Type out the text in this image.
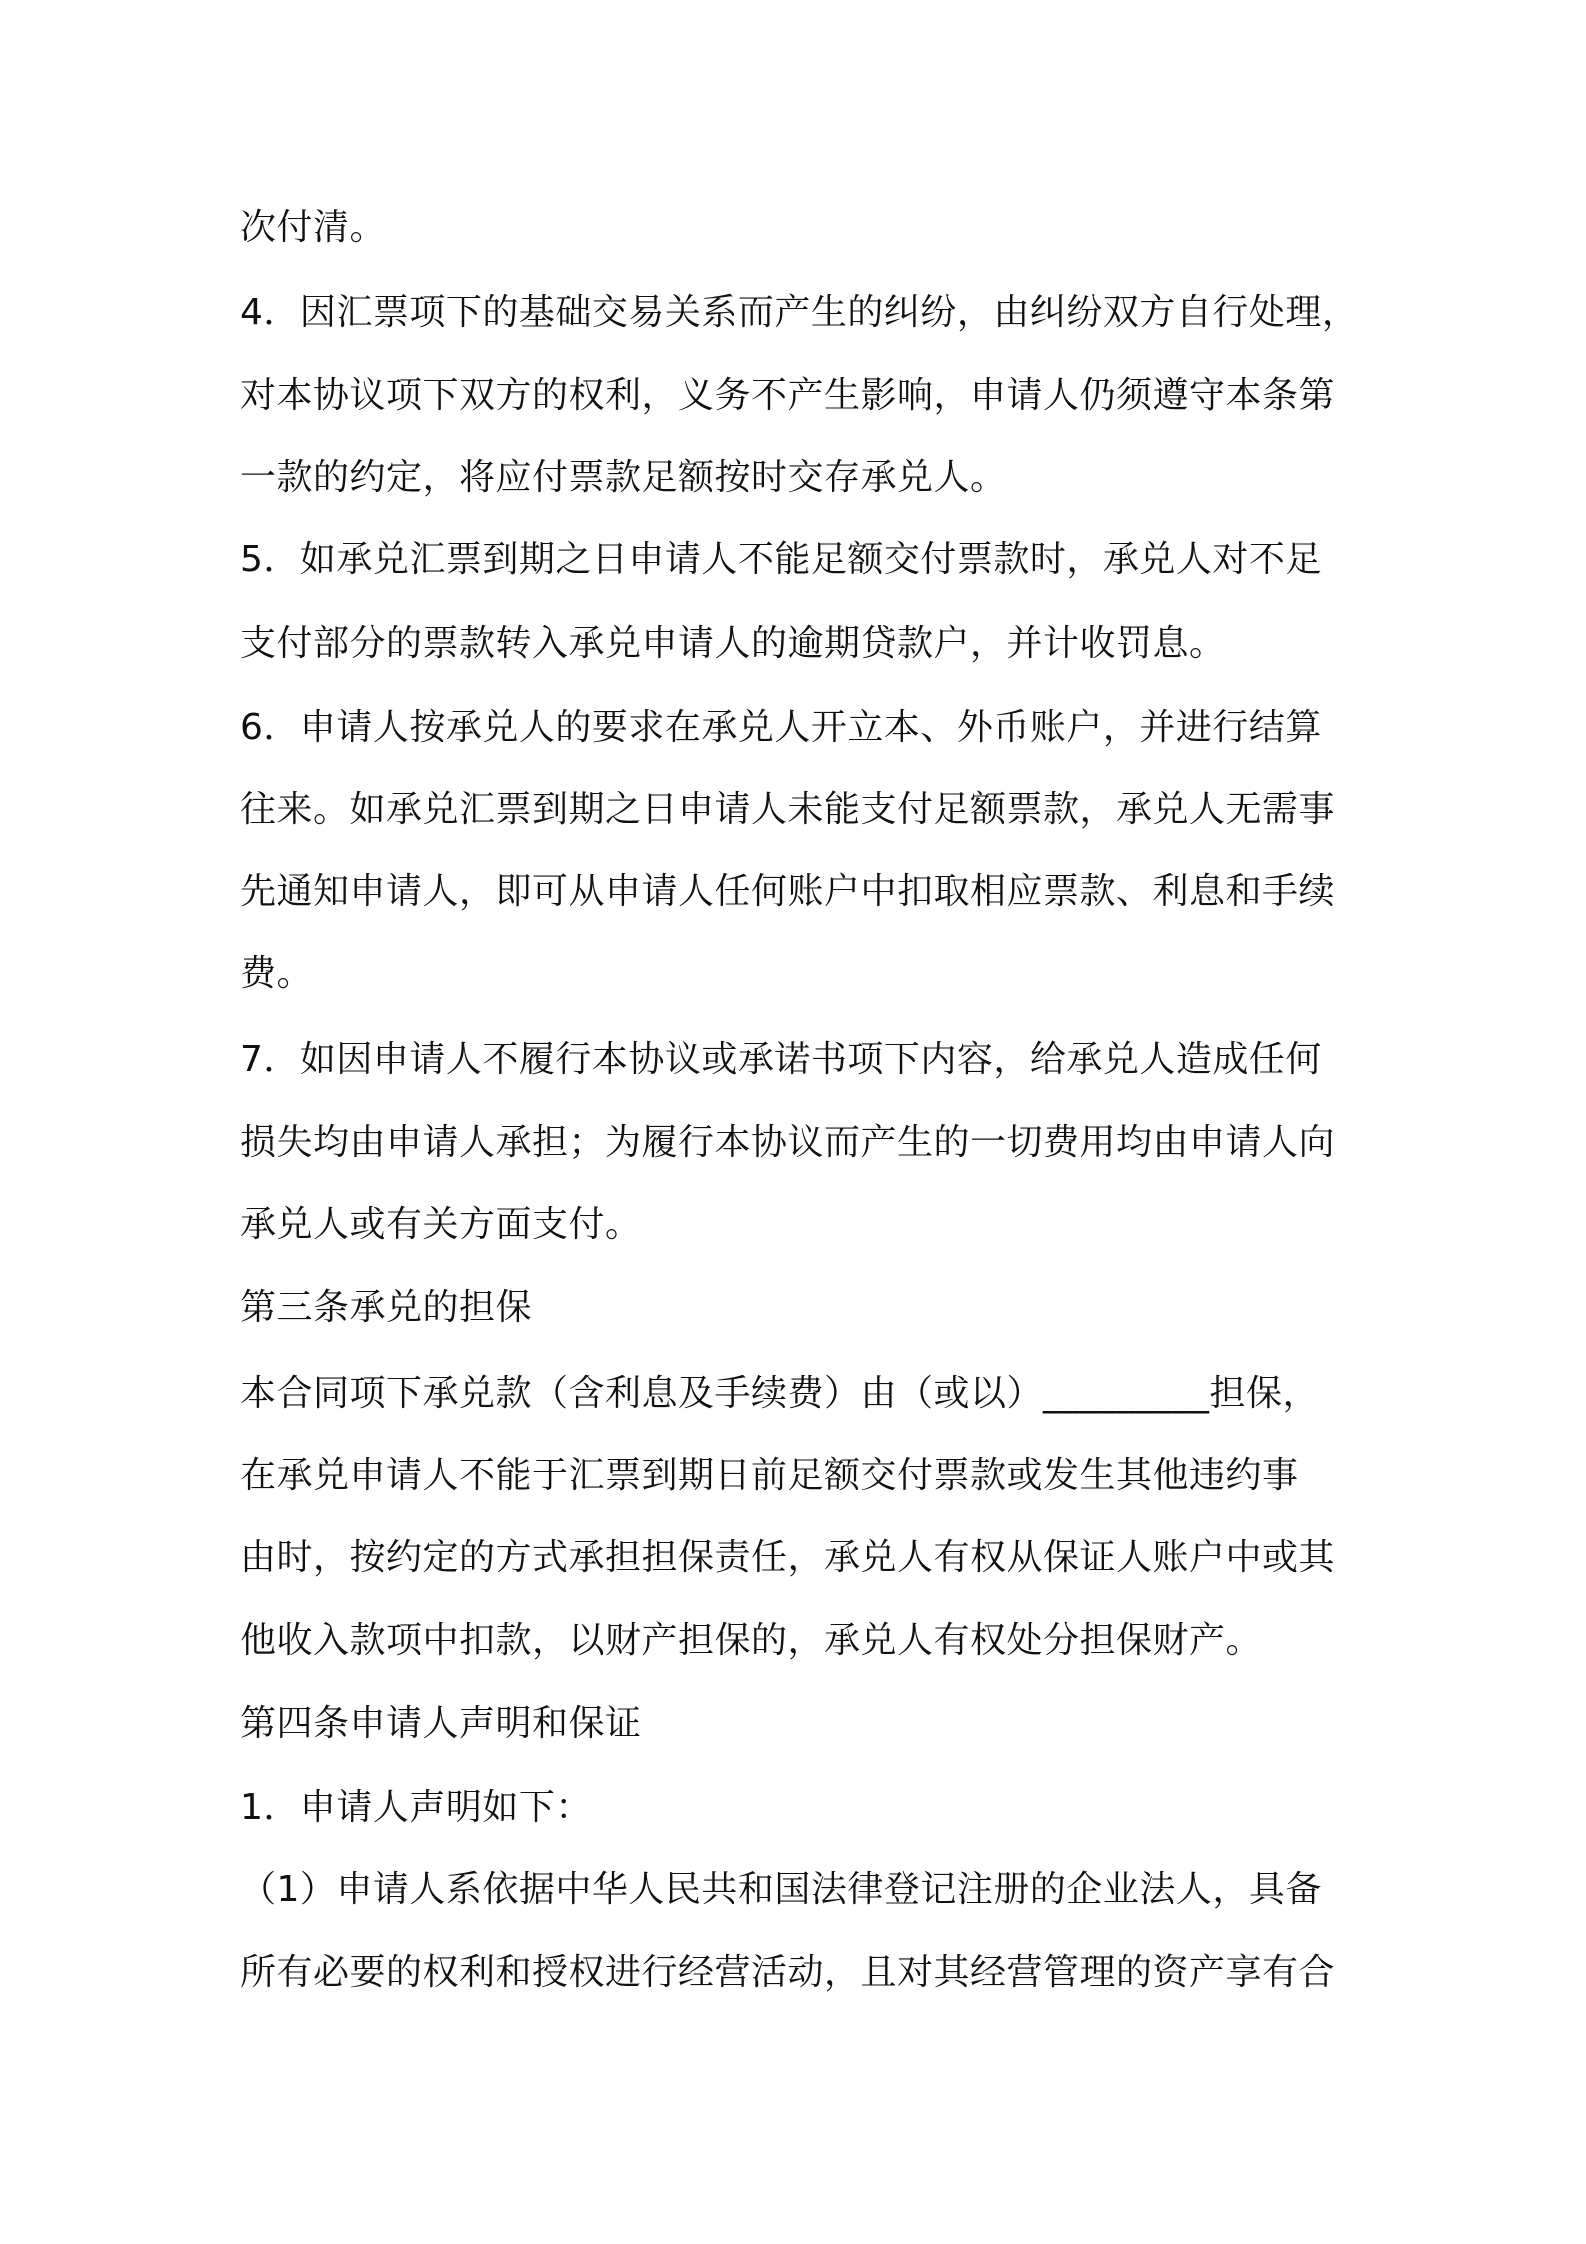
次付清。
4．因汇票项下的基础交易关系而产生的纠纷，由纠纷双方自行处理，
对本协议项下双方的权利，义务不产生影响，申请人仍须遵守本条第
一款的约定，将应付票款足额按时交存承兑人。
5．如承兑汇票到期之日申请人不能足额交付票款时，承兑人对不足
支付部分的票款转入承兑申请人的逾期贷款户，并计收罚息。
6．申请人按承兑人的要求在承兑人开立本、外币账户，并进行结算
往来。如承兑汇票到期之日申请人未能支付足额票款，承兑人无需事
先通知申请人，即可从申请人任何账户中扣取相应票款、利息和手续
费。
7．如因申请人不履行本协议或承诺书项下内容，给承兑人造成任何
损失均由申请人承担；为履行本协议而产生的一切费用均由申请人向
承兑人或有关方面支付。
第三条承兑的担保
本合同项下承兑款（含利息及手续费）由（或以）_________担保，
在承兑申请人不能于汇票到期日前足额交付票款或发生其他违约事
由时，按约定的方式承担担保责任，承兑人有权从保证人账户中或其
他收入款项中扣款，以财产担保的，承兑人有权处分担保财产。
第四条申请人声明和保证
1．申请人声明如下：
（1）申请人系依据中华人民共和国法律登记注册的企业法人，具备
所有必要的权利和授权进行经营活动，且对其经营管理的资产享有合
